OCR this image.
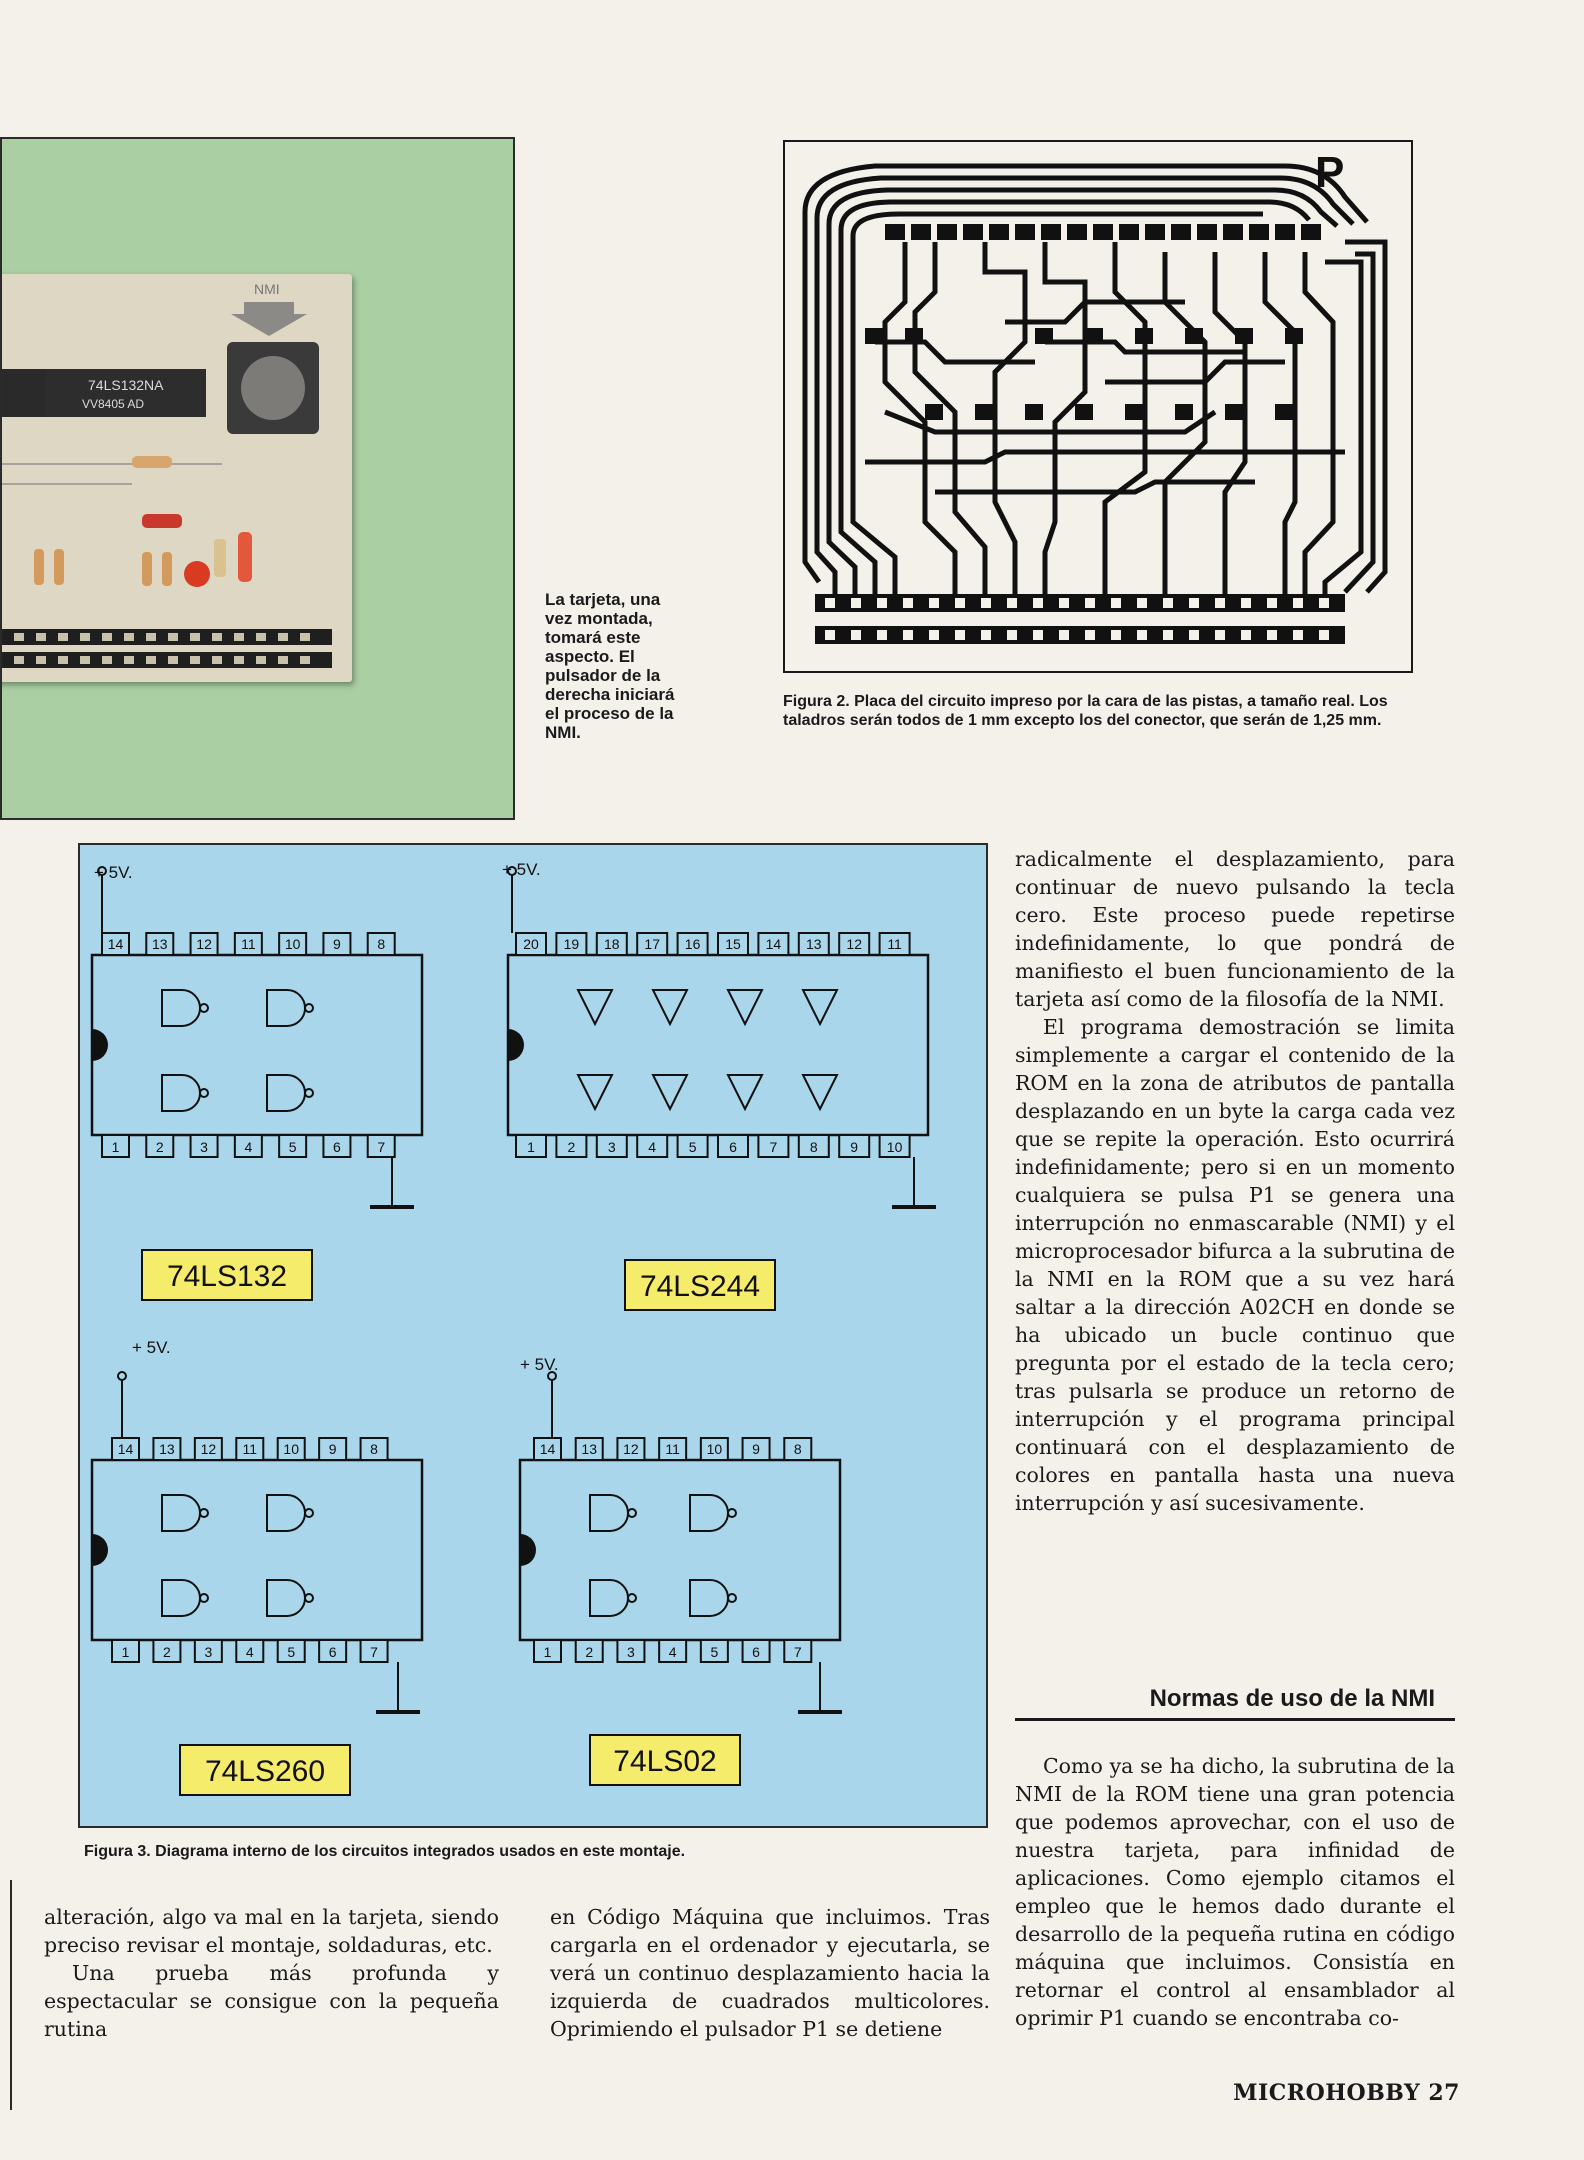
74LS132NA
VV8405 AD
NMI
La tarjeta, una vez montada, tomará este aspecto. El pulsador de la derecha iniciará el proceso de la NMI.
P
Figura 2. Placa del circuito impreso por la cara de las pistas, a tamaño real. Los taladros serán todos de 1 mm excepto los del conector, que serán de 1,25 mm.
+ 5V.	+ 5V.
+ 5V.
+ 5V.
14 13 12 11 10 9	8
1	2	3	4	5	6	7
74LS132
20 19 18 17 16 15 14 13 12 11
1 2 3 4 5 6 7 8 9 10
74LS244
14 13 12 11 10 9 8
1 2 3 4 5 6 7
74LS260
14 13 12 11 10 9 8
1 2 3 4 5 6 7
74LS02
Figura 3. Diagrama interno de los circuitos integrados usados en este montaje.

radicalmente el desplazamiento, para continuar de nuevo pulsando la tecla cero. Este proceso puede repetirse indefinidamente, lo que pondrá de manifiesto el buen funcionamiento de la tarjeta así como de la filosofía de la NMI.

El programa demostración se limita simplemente a cargar el contenido de la ROM en la zona de atributos de pantalla desplazando en un byte la carga cada vez que se repite la operación. Esto ocurrirá indefinidamente; pero si en un momento cualquiera se pulsa P1 se genera una interrupción no enmascarable (NMI) y el microprocesador bifurca a la subrutina de la NMI en la ROM que a su vez hará saltar a la dirección A02CH en donde se ha ubicado un bucle continuo que pregunta por el estado de la tecla cero; tras pulsarla se produce un retorno de interrupción y el programa principal continuará con el desplazamiento de colores en pantalla hasta una nueva interrupción y así sucesivamente.

Normas de uso de la NMI

Como ya se ha dicho, la subrutina de la NMI de la ROM tiene una gran potencia que podemos aprovechar, con el uso de nuestra tarjeta, para infinidad de aplicaciones. Como ejemplo citamos el empleo que le hemos dado durante el desarrollo de la pequeña rutina en código máquina que incluimos. Consistía en retornar el control al ensamblador al oprimir P1 cuando se encontraba co-

alteración, algo va mal en la tarjeta, siendo preciso revisar el montaje, soldaduras, etc.

Una prueba más profunda y espectacular se consigue con la pequeña rutina

en Código Máquina que incluimos. Tras cargarla en el ordenador y ejecutarla, se verá un continuo desplazamiento hacia la izquierda de cuadrados multicolores. Oprimiendo el pulsador P1 se detiene

MICROHOBBY 27
